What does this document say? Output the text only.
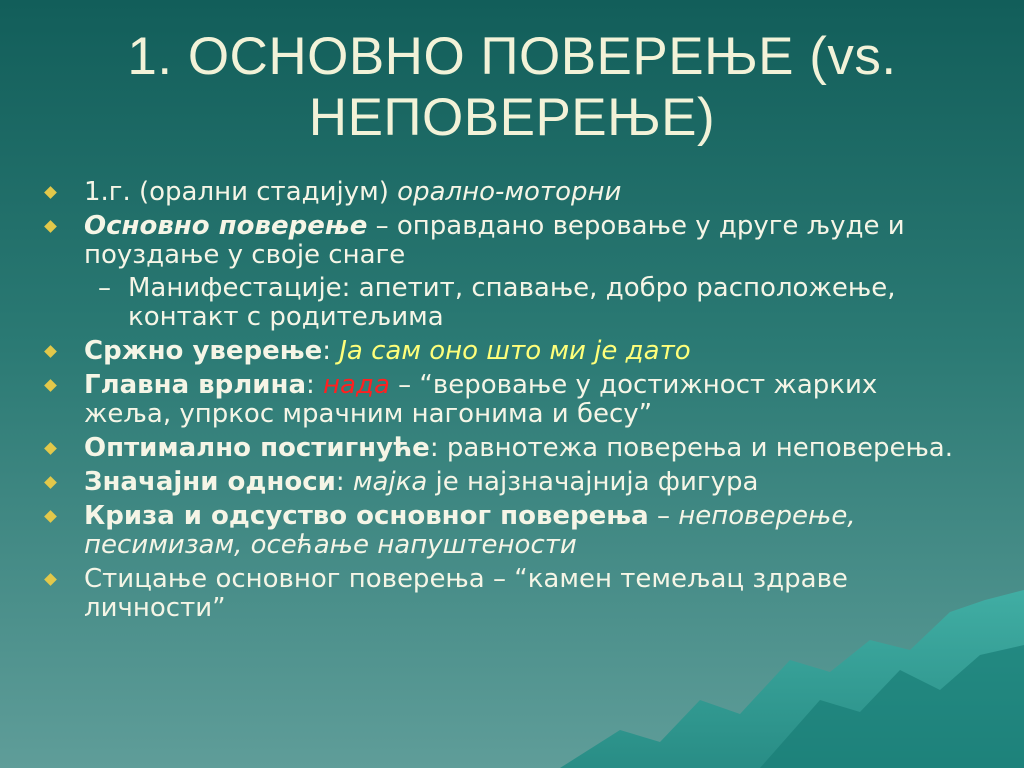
1. ОСНОВНО ПОВЕРЕЊЕ (vs.
НЕПОВЕРЕЊЕ)
1.г. (орални стадијум) орално-моторни
Основно поверење – оправдано веровање у друге људе и поуздање у своје снаге
– Манифестације: апетит, спавање, добро расположење, контакт с родитељима
Сржно уверење: Ја сам оно што ми је дато
Главна врлина: нада – “веровање у достижност жарких жеља, упркос мрачним нагонима и бесу”
Оптимално постигнуће: равнотежа поверења и неповерења.
Значајни односи: мајка је најзначајнија фигура
Криза и одсуство основног поверења – неповерење, песимизам, осећање напуштености
Стицање основног поверења – “камен темељац здраве личности”
